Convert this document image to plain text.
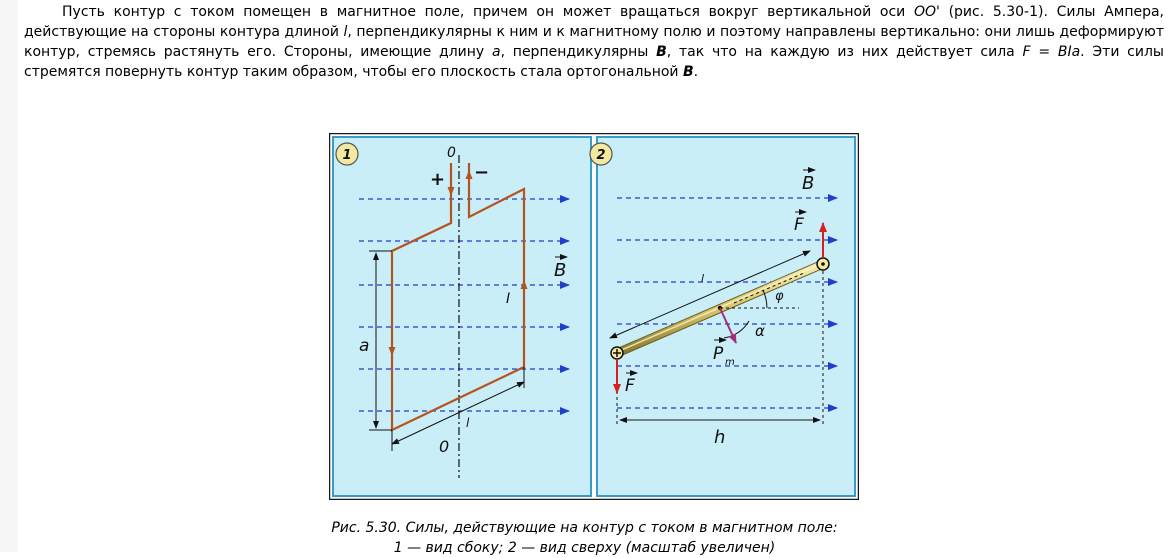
Пусть контур с током помещен в магнитное поле, причем он может вращаться вокруг вертикальной оси OO' (рис. 5.30-1). Силы Ампера, действующие на стороны контура длиной l, перпендикулярны к ним и к магнитному полю и поэтому направлены вертикально: они лишь деформируют контур, стремясь растянуть его. Стороны, имеющие длину a, перпендикулярны B, так что на каждую из них действует сила F = BIa. Эти силы стремятся повернуть контур таким образом, чтобы его плоскость стала ортогональной B.

1	0
0
+ −
B
I
a
l
2
B
F
F
l
φ
α
P m
h
Рис. 5.30. Силы, действующие на контур с током в магнитном поле:
1 — вид сбоку; 2 — вид сверху (масштаб увеличен)
